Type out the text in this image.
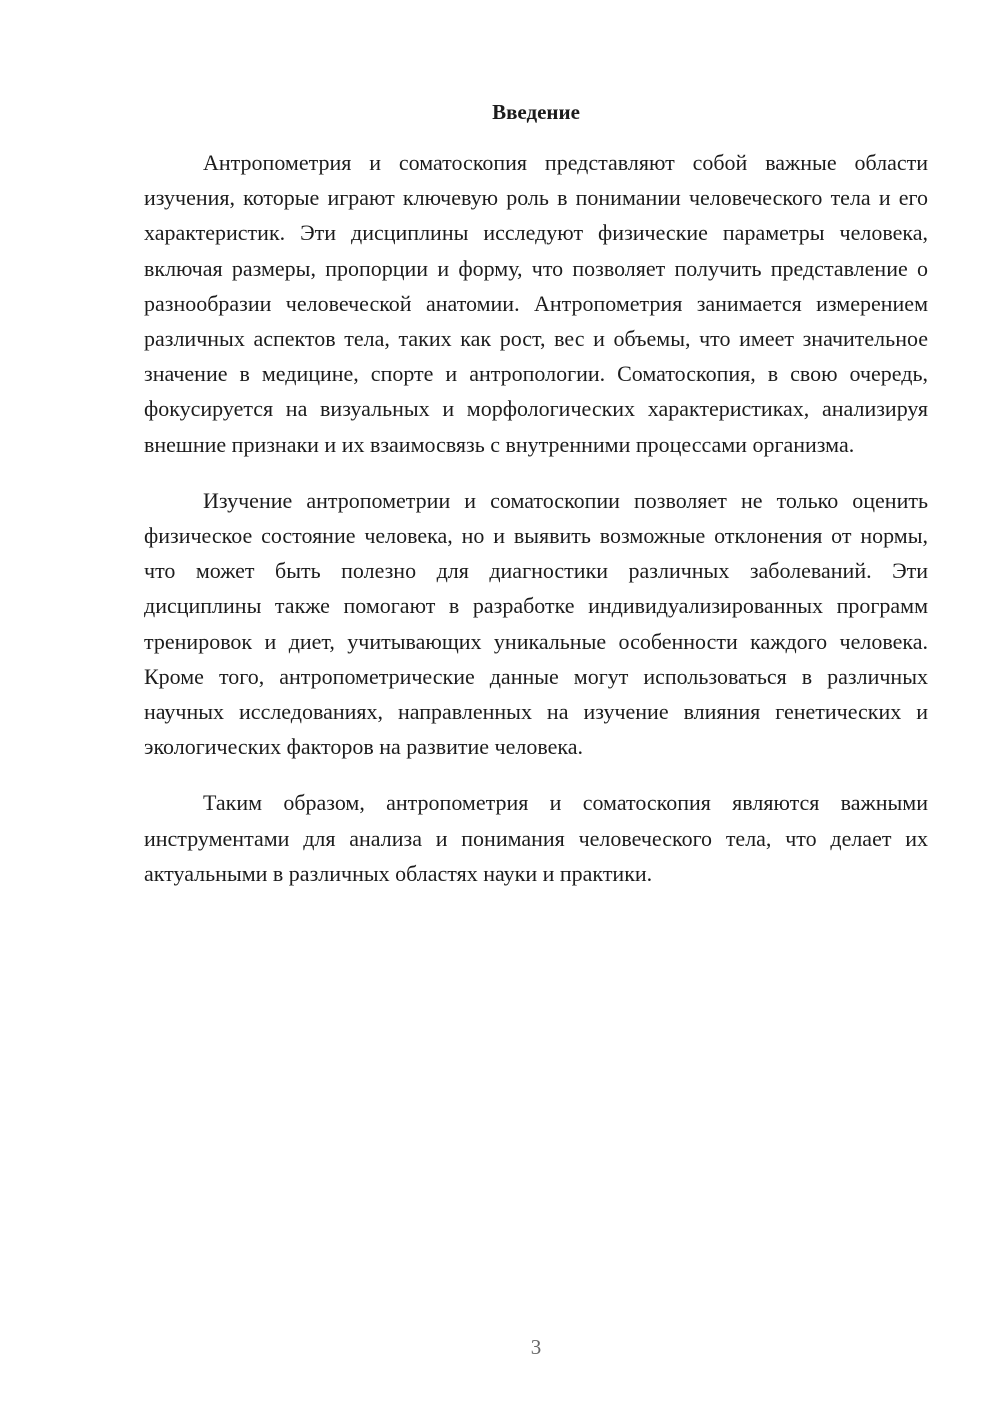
Введение

Антропометрия и соматоскопия представляют собой важные области изучения, которые играют ключевую роль в понимании человеческого тела и его характеристик. Эти дисциплины исследуют физические параметры человека, включая размеры, пропорции и форму, что позволяет получить представление о разнообразии человеческой анатомии. Антропометрия занимается измерением различных аспектов тела, таких как рост, вес и объемы, что имеет значительное значение в медицине, спорте и антропологии. Соматоскопия, в свою очередь, фокусируется на визуальных и морфологических характеристиках, анализируя внешние признаки и их взаимосвязь с внутренними процессами организма.

Изучение антропометрии и соматоскопии позволяет не только оценить физическое состояние человека, но и выявить возможные отклонения от нормы, что может быть полезно для диагностики различных заболеваний. Эти дисциплины также помогают в разработке индивидуализированных программ тренировок и диет, учитывающих уникальные особенности каждого человека. Кроме того, антропометрические данные могут использоваться в различных научных исследованиях, направленных на изучение влияния генетических и экологических факторов на развитие человека.

Таким образом, антропометрия и соматоскопия являются важными инструментами для анализа и понимания человеческого тела, что делает их актуальными в различных областях науки и практики.

3
